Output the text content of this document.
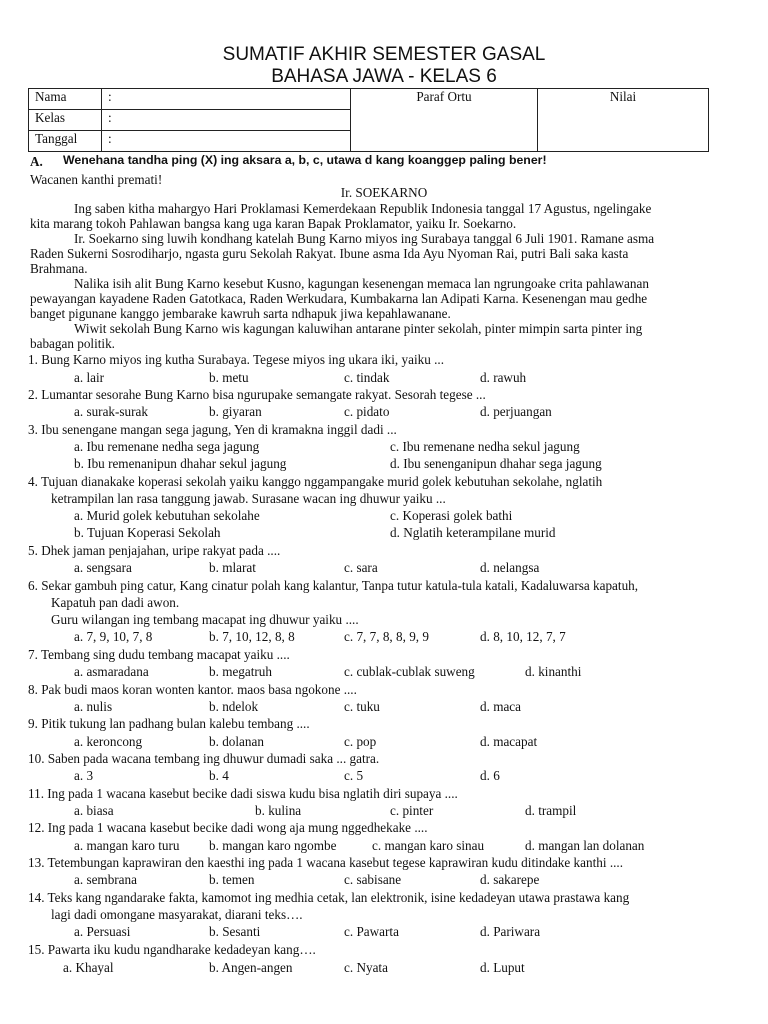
SUMATIF AKHIR SEMESTER GASAL
BAHASA JAWA - KELAS 6
Nama	:	Paraf Ortu	Nilai
Kelas	:		
Tanggal	:		
A. Wenehana tandha ping (X) ing aksara a, b, c, utawa d kang koanggep paling bener!
Wacanen kanthi premati!
Ir. SOEKARNO
Ing saben kitha mahargyo Hari Proklamasi Kemerdekaan Republik Indonesia tanggal 17 Agustus, ngelingake
kita marang tokoh Pahlawan bangsa kang uga karan Bapak Proklamator, yaiku Ir. Soekarno.
Ir. Soekarno sing luwih kondhang katelah Bung Karno miyos ing Surabaya tanggal 6 Juli 1901. Ramane asma
Raden Sukerni Sosrodiharjo, ngasta guru Sekolah Rakyat. Ibune asma Ida Ayu Nyoman Rai, putri Bali saka kasta
Brahmana.
Nalika isih alit Bung Karno kesebut Kusno, kagungan kesenengan memaca lan ngrungoake crita pahlawanan
pewayangan kayadene Raden Gatotkaca, Raden Werkudara, Kumbakarna lan Adipati Karna. Kesenengan mau gedhe
banget pigunane kanggo jembarake kawruh sarta ndhapuk jiwa kepahlawanane.
Wiwit sekolah Bung Karno wis kagungan kaluwihan antarane pinter sekolah, pinter mimpin sarta pinter ing
babagan politik.
1. Bung Karno miyos ing kutha Surabaya. Tegese miyos ing ukara iki, yaiku ...
a. lair	b. metu	c. tindak	d. rawuh
2. Lumantar sesorahe Bung Karno bisa ngurupake semangate rakyat. Sesorah tegese ...
a. surak-surak	b. giyaran	c. pidato	d. perjuangan
3. Ibu senengane mangan sega jagung, Yen di kramakna inggil dadi ...
a. Ibu remenane nedha sega jagung	c. Ibu remenane nedha sekul jagung
b. Ibu remenanipun dhahar sekul jagung	d. Ibu senenganipun dhahar sega jagung
4. Tujuan dianakake koperasi sekolah yaiku kanggo nggampangake murid golek kebutuhan sekolahe, nglatih
ketrampilan lan rasa tanggung jawab. Surasane wacan ing dhuwur yaiku ...
a. Murid golek kebutuhan sekolahe	c. Koperasi golek bathi
b. Tujuan Koperasi Sekolah	d. Nglatih keterampilane murid
5. Dhek jaman penjajahan, uripe rakyat pada ....
a. sengsara	b. mlarat	c. sara	d. nelangsa
6. Sekar gambuh ping catur, Kang cinatur polah kang kalantur, Tanpa tutur katula-tula katali, Kadaluwarsa kapatuh,
Kapatuh pan dadi awon.
Guru wilangan ing tembang macapat ing dhuwur yaiku ....
a. 7, 9, 10, 7, 8	b. 7, 10, 12, 8, 8	c. 7, 7, 8, 8, 9, 9	d. 8, 10, 12, 7, 7
7. Tembang sing dudu tembang macapat yaiku ....
a. asmaradana	b. megatruh	c. cublak-cublak suweng	d. kinanthi
8. Pak budi maos koran wonten kantor. maos basa ngokone ....
a. nulis	b. ndelok	c. tuku	d. maca
9. Pitik tukung lan padhang bulan kalebu tembang ....
a. keroncong	b. dolanan	c. pop	d. macapat
10. Saben pada wacana tembang ing dhuwur dumadi saka ... gatra.
a. 3	b. 4	c. 5	d. 6
11. Ing pada 1 wacana kasebut becike dadi siswa kudu bisa nglatih diri supaya ....
a. biasa	b. kulina	c. pinter	d. trampil
12. Ing pada 1 wacana kasebut becike dadi wong aja mung nggedhekake ....
a. mangan karo turu b. mangan karo ngombe	c. mangan karo sinau	d. mangan lan dolanan
13. Tetembungan kaprawiran den kaesthi ing pada 1 wacana kasebut tegese kaprawiran kudu ditindake kanthi ....
a. sembrana	b. temen	c. sabisane	d. sakarepe
14. Teks kang ngandarake fakta, kamomot ing medhia cetak, lan elektronik, isine kedadeyan utawa prastawa kang
lagi dadi omongane masyarakat, diarani teks….
a. Persuasi	b. Sesanti	c. Pawarta	d. Pariwara
15. Pawarta iku kudu ngandharake kedadeyan kang….
a. Khayal	b. Angen-angen	c. Nyata	d. Luput
